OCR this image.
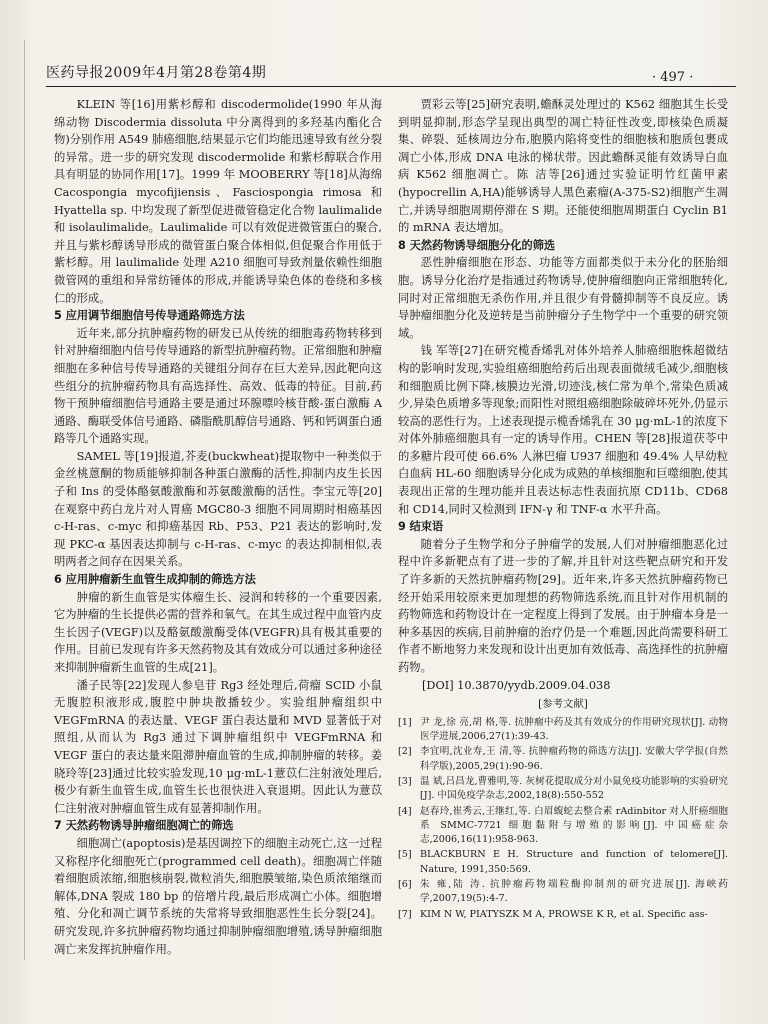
医药导报2009年4月第28卷第4期	· 497 ·

KLEIN 等[16]用紫杉醇和 discodermolide(1990 年从海绵动物 Discodermia dissoluta 中分离得到的多羟基内酯化合物)分别作用 A549 肺癌细胞,结果显示它们均能迅速导致有丝分裂的异常。进一步的研究发现 discodermolide 和紫杉醇联合作用具有明显的协同作用[17]。1999 年 MOOBERRY 等[18]从海绵 Cacospongia mycofijiensis、Fasciospongia rimosa 和 Hyattella sp. 中均发现了新型促进微管稳定化合物 laulimalide 和 isolaulimalide。Laulimalide 可以有效促进微管蛋白的聚合,并且与紫杉醇诱导形成的微管蛋白聚合体相似,但促聚合作用低于紫杉醇。用 laulimalide 处理 A210 细胞可导致剂量依赖性细胞微管网的重组和异常纺锤体的形成,并能诱导染色体的卷绕和多核仁的形成。

5 应用调节细胞信号传导通路筛选方法

近年来,部分抗肿瘤药物的研发已从传统的细胞毒药物转移到针对肿瘤细胞内信号传导通路的新型抗肿瘤药物。正常细胞和肿瘤细胞在多种信号传导通路的关键组分间存在巨大差异,因此靶向这些组分的抗肿瘤药物具有高选择性、高效、低毒的特征。目前,药物干预肿瘤细胞信号通路主要是通过环腺嘌呤核苷酸-蛋白激酶 A 通路、酶联受体信号通路、磷脂酰肌醇信号通路、钙和钙调蛋白通路等几个通路实现。

SAMEL 等[19]报道,芥麦(buckwheat)提取物中一种类似于金丝桃蒽酮的物质能够抑制各种蛋白激酶的活性,抑制内皮生长因子和 Ins 的受体酪氨酸激酶和苏氨酸激酶的活性。李宝元等[20]在观察中药白龙片对人胃癌 MGC80-3 细胞不同周期时相癌基因 c-H-ras、c-myc 和抑癌基因 Rb、P53、P21 表达的影响时,发现 PKC-α 基因表达抑制与 c-H-ras、c-myc 的表达抑制相似,表明两者之间存在因果关系。

6 应用肿瘤新生血管生成抑制的筛选方法

肿瘤的新生血管是实体瘤生长、浸润和转移的一个重要因素,它为肿瘤的生长提供必需的营养和氧气。在其生成过程中血管内皮生长因子(VEGF)以及酪氨酸激酶受体(VEGFR)具有极其重要的作用。目前已发现有许多天然药物及其有效成分可以通过多种途径来抑制肿瘤新生血管的生成[21]。

潘子民等[22]发现人参皂苷 Rg3 经处理后,荷瘤 SCID 小鼠无腹腔积液形成,腹腔中肿块散播较少。实验组肿瘤组织中 VEGFmRNA 的表达量、VEGF 蛋白表达量和 MVD 显著低于对照组,从而认为 Rg3 通过下调肿瘤组织中 VEGFmRNA 和 VEGF 蛋白的表达量来阻滞肿瘤血管的生成,抑制肿瘤的转移。姜晓玲等[23]通过比较实验发现,10 μg·mL-1薏苡仁注射液处理后,极少有新生血管生成,血管生长也很快进入衰退期。因此认为薏苡仁注射液对肿瘤血管生成有显著抑制作用。

7 天然药物诱导肿瘤细胞凋亡的筛选

细胞凋亡(apoptosis)是基因调控下的细胞主动死亡,这一过程又称程序化细胞死亡(programmed cell death)。细胞凋亡伴随着细胞质浓缩,细胞核崩裂,微粒消失,细胞膜皱缩,染色质浓缩继而解体,DNA 裂成 180 bp 的倍增片段,最后形成凋亡小体。细胞增殖、分化和凋亡调节系统的失常将导致细胞恶性生长分裂[24]。研究发现,许多抗肿瘤药物均通过抑制肿瘤细胞增殖,诱导肿瘤细胞凋亡来发挥抗肿瘤作用。

贾彩云等[25]研究表明,蟾酥灵处理过的 K562 细胞其生长受到明显抑制,形态学呈现出典型的凋亡特征性改变,即核染色质凝集、碎裂、延核周边分布,胞膜内陷将变性的细胞核和胞质包裹成凋亡小体,形成 DNA 电泳的梯状带。因此蟾酥灵能有效诱导白血病 K562 细胞凋亡。陈 洁等[26]通过实验证明竹红菌甲素(hypocrellin A,HA)能够诱导人黑色素瘤(A-375-S2)细胞产生凋亡,并诱导细胞周期停滞在 S 期。还能使细胞周期蛋白 Cyclin B1 的 mRNA 表达增加。

8 天然药物诱导细胞分化的筛选

恶性肿瘤细胞在形态、功能等方面都类似于未分化的胚胎细胞。诱导分化治疗是指通过药物诱导,使肿瘤细胞向正常细胞转化,同时对正常细胞无杀伤作用,并且很少有骨髓抑制等不良反应。诱导肿瘤细胞分化及逆转是当前肿瘤分子生物学中一个重要的研究领域。

钱 军等[27]在研究榄香烯乳对体外培养人肺癌细胞株超微结构的影响时发现,实验组癌细胞给药后出现表面微绒毛减少,细胞核和细胞质比例下降,核膜边光滑,切迹浅,核仁常为单个,常染色质减少,异染色质增多等现象;而阳性对照组癌细胞除破碎坏死外,仍显示较高的恶性行为。上述表现提示榄香烯乳在 30 μg·mL-1的浓度下对体外肺癌细胞具有一定的诱导作用。CHEN 等[28]报道茯苓中的多糖片段可使 66.6% 人淋巴瘤 U937 细胞和 49.4% 人早幼粒白血病 HL-60 细胞诱导分化成为成熟的单核细胞和巨噬细胞,使其表现出正常的生理功能并且表达标志性表面抗原 CD11b、CD68 和 CD14,同时又检测到 IFN-γ 和 TNF-α 水平升高。

9 结束语

随着分子生物学和分子肿瘤学的发展,人们对肿瘤细胞恶化过程中许多新靶点有了进一步的了解,并且针对这些靶点研究和开发了许多新的天然抗肿瘤药物[29]。近年来,许多天然抗肿瘤药物已经开始采用较原来更加理想的药物筛选系统,而且针对作用机制的药物筛选和药物设计在一定程度上得到了发展。由于肿瘤本身是一种多基因的疾病,目前肿瘤的治疗仍是一个难题,因此尚需要科研工作者不断地努力来发现和设计出更加有效低毒、高选择性的抗肿瘤药物。

[DOI] 10.3870/yydb.2009.04.038

[参考文献]
[1] 尹 龙,徐 亮,胡 格,等. 抗肿瘤中药及其有效成分的作用研究现状[J]. 动物医学进展,2006,27(1):39-43.
[2] 李宜明,沈业寿,王 清,等. 抗肿瘤药物的筛选方法[J]. 安徽大学学报(自然科学版),2005,29(1):90-96.
[3] 温 斌,吕昌龙,曹雅明,等. 灰树花提取成分对小鼠免疫功能影响的实验研究[J]. 中国免疫学杂志,2002,18(8):550-552
[4] 赵春玲,崔秀云,王继红,等. 白眉蝮蛇去整合素 rAdinbitor 对人肝癌细胞系 SMMC-7721 细胞黏附与增殖的影响[J]. 中国癌症杂志,2006,16(11):958-963.
[5] BLACKBURN E H. Structure and function of telomere[J]. Nature, 1991,350:569.
[6] 朱 雍,陆 涛. 抗肿瘤药物端粒酶抑制剂的研究进展[J]. 海峡药学,2007,19(5):4-7.
[7] KIM N W, PIATYSZK M A, PROWSE K R, et al. Specific ass-
